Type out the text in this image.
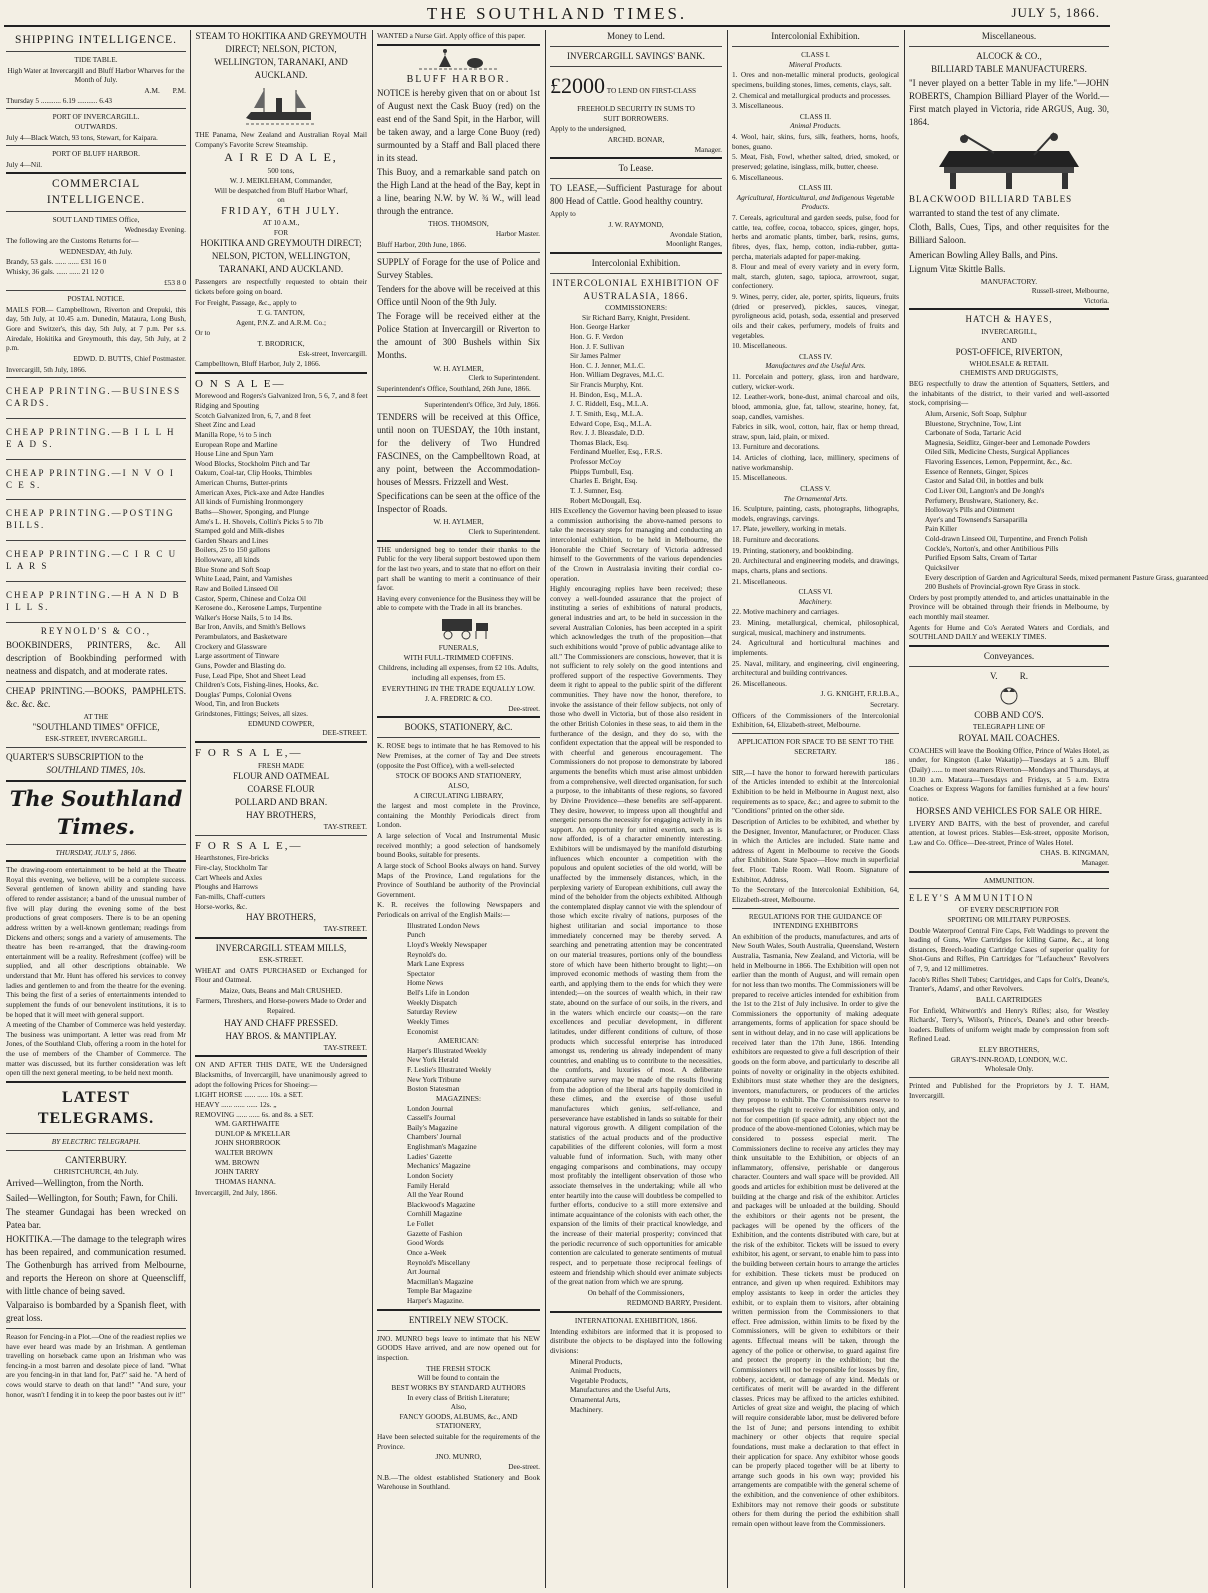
THE SOUTHLAND TIMES.	JULY 5, 1866.
SHIPPING INTELLIGENCE.
TIDE TABLE.

High Water at Invercargill and Bluff Harbor Wharves for the Month of July.

A.M. P.M.

Thursday 5 ........... 6.19 ........... 6.43

PORT OF INVERCARGILL.
OUTWARDS.

July 4—Black Watch, 93 tons, Stewart, for Kaipara.

PORT OF BLUFF HARBOR.

July 4—Nil.

COMMERCIAL INTELLIGENCE.

SOUT LAND TIMES Office,

Wednesday Evening.

The following are the Customs Returns for—

WEDNESDAY, 4th July.

Brandy, 53 gals. ...... ...... £31 16 0

Whisky, 36 gals. ...... ...... 21 12 0

£53 8 0

POSTAL NOTICE.

MAILS FOR— Campbelltown, Riverton and Orepuki, this day, 5th July, at 10.45 a.m. Dunedin, Mataura, Long Bush, Gore and Switzer's, this day, 5th July, at 7 p.m. Per s.s. Airedale, Hokitika and Greymouth, this day, 5th July, at 2 p.m.

EDWD. D. BUTTS, Chief Postmaster.

Invercargill, 5th July, 1866.

CHEAP PRINTING.—BUSINESS CARDS.
CHEAP PRINTING.—B I L L H E A D S.
CHEAP PRINTING.—I N V O I C E S.
CHEAP PRINTING.—POSTING BILLS.
CHEAP PRINTING.—C I R C U L A R S
CHEAP PRINTING.—H A N D B I L L S.
REYNOLD'S & CO.,

BOOKBINDERS, PRINTERS, &c. All description of Bookbinding performed with neatness and dispatch, and at moderate rates.

CHEAP PRINTING.—BOOKS, PAMPHLETS. &c. &c. &c.

AT THE
"SOUTHLAND TIMES" OFFICE,
ESK-STREET, INVERCARGILL.
QUARTER'S SUBSCRIPTION to the
SOUTHLAND TIMES, 10s.
The Southland Times.
THURSDAY, JULY 5, 1866.

The drawing-room entertainment to be held at the Theatre Royal this evening, we believe, will be a complete success. Several gentlemen of known ability and standing have offered to render assistance; a band of the unusual number of five will play during the evening some of the best productions of great composers. There is to be an opening address written by a well-known gentleman; readings from Dickens and others; songs and a variety of amusements. The theatre has been re-arranged, that the drawing-room entertainment will be a reality. Refreshment (coffee) will be supplied, and all other descriptions obtainable. We understand that Mr. Hunt has offered his services to convey ladies and gentlemen to and from the theatre for the evening. This being the first of a series of entertainments intended to supplement the funds of our benevolent institutions, it is to be hoped that it will meet with general support.

A meeting of the Chamber of Commerce was held yesterday. The business was unimportant. A letter was read from Mr Jones, of the Southland Club, offering a room in the hotel for the use of members of the Chamber of Commerce. The matter was discussed, but its further consideration was left open till the next general meeting, to be held next month.

LATEST TELEGRAMS.
BY ELECTRIC TELEGRAPH.
CANTERBURY.
CHRISTCHURCH, 4th July.

Arrived—Wellington, from the North.

Sailed—Wellington, for South; Fawn, for Chili.

The steamer Gundagai has been wrecked on Patea bar.

HOKITIKA.—The damage to the telegraph wires has been repaired, and communication resumed. The Gothenburgh has arrived from Melbourne, and reports the Hereon on shore at Queenscliff, with little chance of being saved.

Valparaiso is bombarded by a Spanish fleet, with great loss.

Reason for Fencing-in a Plot.—One of the readiest replies we have ever heard was made by an Irishman. A gentleman travelling on horseback came upon an Irishman who was fencing-in a most barren and desolate piece of land. "What are you fencing-in in that land for, Pat?" said he. "A herd of cows would starve to death on that land!" "And sure, your honor, wasn't I fending it in to keep the poor bastes out iv it!"

STEAM TO HOKITIKA AND GREYMOUTH DIRECT; NELSON, PICTON, WELLINGTON, TARANAKI, AND AUCKLAND.

THE Panama, New Zealand and Australian Royal Mail Company's Favorite Screw Steamship.

A I R E D A L E,
500 tons,
W. J. MEIKLEHAM, Commander,
Will be despatched from Bluff Harbor Wharf,
on
FRIDAY, 6TH JULY.
AT 10 A.M.,
FOR
HOKITIKA AND GREYMOUTH DIRECT; NELSON, PICTON, WELLINGTON, TARANAKI, AND AUCKLAND.

Passengers are respectfully requested to obtain their tickets before going on board.

For Freight, Passage, &c., apply to

T. G. TANTON,
Agent, P.N.Z. and A.R.M. Co.;

Or to

T. BRODRICK,
Esk-street, Invercargill.

Campbelltown, Bluff Harbor, July 2, 1866.

O N S A L E—

Morewood and Rogers's Galvanized Iron, 5 6, 7, and 8 feet

Ridging and Spouting

Scotch Galvanized Iron, 6, 7, and 8 feet

Sheet Zinc and Lead

Manilla Rope, ½ to 5 inch

European Rope and Marline

House Line and Spun Yarn

Wood Blocks, Stockholm Pitch and Tar

Oakum, Coal-tar, Clip Hooks, Thimbles

American Churns, Butter-prints

American Axes, Pick-axe and Adze Handles

All kinds of Furnishing Ironmongery

Baths—Shower, Sponging, and Plunge

Ame's L. H. Shovels, Collin's Picks 5 to 7lb

Stamped gold and Milk-dishes

Garden Shears and Lines

Boilers, 25 to 150 gallons

Hollowware, all kinds

Blue Stone and Soft Soap

White Lead, Paint, and Varnishes

Raw and Boiled Linseed Oil

Castor, Sperm, Chinese and Colza Oil

Kerosene do., Kerosene Lamps, Turpentine

Walker's Horse Nails, 5 to 14 lbs.

Bar Iron, Anvils, and Smith's Bellows

Perambulators, and Basketware

Crockery and Glassware

Large assortment of Tinware

Guns, Powder and Blasting do.

Fuse, Lead Pipe, Shot and Sheet Lead

Children's Cots, Fishing-lines, Hooks, &c.

Douglas' Pumps, Colonial Ovens

Wood, Tin, and Iron Buckets

Grindstones, Fittings; Seives, all sizes.

EDMUND COWPER,
DEE-STREET.
F O R S A L E,—
FRESH MADE
FLOUR AND OATMEAL
COARSE FLOUR
POLLARD AND BRAN.
HAY BROTHERS,
TAY-STREET.
F O R S A L E,—

Hearthstones, Fire-bricks

Fire-clay, Stockholm Tar

Cart Wheels and Axles

Ploughs and Harrows

Fan-mills, Chaff-cutters

Horse-works, &c.

HAY BROTHERS,
TAY-STREET.
INVERCARGILL STEAM MILLS,
ESK-STREET.

WHEAT and OATS PURCHASED or Exchanged for Flour and Oatmeal.

Maize, Oats, Beans and Malt CRUSHED.

Farmers, Threshers, and Horse-powers Made to Order and Repaired.

HAY AND CHAFF PRESSED.
HAY BROS. & MANTIPLAY.
TAY-STREET.

ON AND AFTER THIS DATE, WE the Undersigned Blacksmiths, of Invercargill, have unanimously agreed to adopt the following Prices for Shoeing:—

LIGHT HORSE ...... ...... 10s. a SET.

HEAVY ...... ...... ...... 12s. „

REMOVING ...... ...... 6s. and 8s. a SET.

WM. GARTHWAITE

DUNLOP & M'KELLAR

JOHN SHORBROOK

WALTER BROWN

WM. BROWN

JOHN TARRY

THOMAS HANNA.

Invercargill, 2nd July, 1866.

WANTED a Nurse Girl. Apply office of this paper.

BLUFF HARBOR.

NOTICE is hereby given that on or about 1st of August next the Cask Buoy (red) on the east end of the Sand Spit, in the Harbor, will be taken away, and a large Cone Buoy (red) surmounted by a Staff and Ball placed there in its stead.

This Buoy, and a remarkable sand patch on the High Land at the head of the Bay, kept in a line, bearing N.W. by W. ¾ W., will lead through the entrance.

THOS. THOMSON,
Harbor Master.

Bluff Harbor, 20th June, 1866.

SUPPLY of Forage for the use of Police and Survey Stables.

Tenders for the above will be received at this Office until Noon of the 9th July.

The Forage will be received either at the Police Station at Invercargill or Riverton to the amount of 300 Bushels within Six Months.

W. H. AYLMER,
Clerk to Superintendent.

Superintendent's Office, Southland, 26th June, 1866.

Superintendent's Office, 3rd July, 1866.

TENDERS will be received at this Office, until noon on TUESDAY, the 10th instant, for the delivery of Two Hundred FASCINES, on the Campbelltown Road, at any point, between the Accommodation-houses of Messrs. Frizzell and West.

Specifications can be seen at the office of the Inspector of Roads.

W. H. AYLMER,
Clerk to Superintendent.

THE undersigned beg to tender their thanks to the Public for the very liberal support bestowed upon them for the last two years, and to state that no effort on their part shall be wanting to merit a continuance of their favor.

Having every convenience for the Business they will be able to compete with the Trade in all its branches.

FUNERALS,
WITH FULL-TRIMMED COFFINS.

Childrens, including all expenses, from £2 10s. Adults, including all expenses, from £5.

EVERYTHING IN THE TRADE EQUALLY LOW.

J. A. FREDRIC & CO.
Dee-street.
BOOKS, STATIONERY, &C.

K. ROSE begs to intimate that he has Removed to his New Premises, at the corner of Tay and Dee streets (opposite the Post Office), with a well-selected

STOCK OF BOOKS AND STATIONERY,
ALSO,
A CIRCULATING LIBRARY,

the largest and most complete in the Province, containing the Monthly Periodicals direct from London.

A large selection of Vocal and Instrumental Music received monthly; a good selection of handsomely bound Books, suitable for presents.

A large stock of School Books always on hand. Survey Maps of the Province, Land regulations for the Province of Southland be authority of the Provincial Government.

K. R. receives the following Newspapers and Periodicals on arrival of the English Mails:—

Illustrated London News

Punch

Lloyd's Weekly Newspaper

Reynold's do.

Mark Lane Express

Spectator

Home News

Bell's Life in London

Weekly Dispatch

Saturday Review

Weekly Times

Economist

AMERICAN:

Harper's Illustrated Weekly

New York Herald

F. Leslie's Illustrated Weekly

New York Tribune

Boston Statesman

MAGAZINES:

London Journal

Cassell's Journal

Baily's Magazine

Chambers' Journal

Englishman's Magazine

Ladies' Gazette

Mechanics' Magazine

London Society

Family Herald

All the Year Round

Blackwood's Magazine

Cornhill Magazine

Le Follet

Gazette of Fashion

Good Words

Once a-Week

Reynold's Miscellany

Art Journal

Macmillan's Magazine

Temple Bar Magazine

Harper's Magazine.

ENTIRELY NEW STOCK.

JNO. MUNRO begs leave to intimate that his NEW GOODS Have arrived, and are now opened out for inspection.

THE FRESH STOCK
Will be found to contain the
BEST WORKS BY STANDARD AUTHORS
In every class of British Literature;
Also,
FANCY GOODS, ALBUMS, &c., AND STATIONERY,

Have been selected suitable for the requirements of the Province.

JNO. MUNRO,
Dee-street.

N.B.—The oldest established Stationery and Book Warehouse in Southland.

Money to Lend.
INVERCARGILL SAVINGS' BANK.
£2000 TO LEND ON FIRST-CLASS
FREEHOLD SECURITY IN SUMS TO
SUIT BORROWERS.

Apply to the undersigned,

ARCHD. BONAR,
Manager.
To Lease.

TO LEASE,—Sufficient Pasturage for about 800 Head of Cattle. Good healthy country.

Apply to

J. W. RAYMOND,
Avondale Station,
Moonlight Ranges,
Intercolonial Exhibition.
INTERCOLONIAL EXHIBITION OF AUSTRALASIA, 1866.
COMMISSIONERS:
Sir Richard Barry, Knight, President.

Hon. George Harker

Hon. G. F. Verdon

Hon. J. F. Sullivan

Sir James Palmer

Hon. C. J. Jenner, M.L.C.

Hon. William Degraves, M.L.C.

Sir Francis Murphy, Knt.

H. Bindon, Esq., M.L.A.

J. C. Riddell, Esq., M.L.A.

J. T. Smith, Esq., M.L.A.

Edward Cope, Esq., M.L.A.

Rev. J. J. Bleasdale, D.D.

Thomas Black, Esq.

Ferdinand Mueller, Esq., F.R.S.

Professor McCoy

Phipps Turnbull, Esq.

Charles E. Bright, Esq.

T. J. Sumner, Esq.

Robert McDougall, Esq.

HIS Excellency the Governor having been pleased to issue a commission authorising the above-named persons to take the necessary steps for managing and conducting an intercolonial exhibition, to be held in Melbourne, the Honorable the Chief Secretary of Victoria addressed himself to the Governments of the various dependencies of the Crown in Australasia inviting their cordial co-operation.

Highly encouraging replies have been received; these convey a well-founded assurance that the project of instituting a series of exhibitions of natural products, general industries and art, to be held in succession in the several Australian Colonies, has been accepted in a spirit which acknowledges the truth of the proposition—that such exhibitions would "prove of public advantage alike to all." The Commissioners are conscious, however, that it is not sufficient to rely solely on the good intentions and proffered support of the respective Governments. They deem it right to appeal to the public spirit of the different communities. They have now the honor, therefore, to invoke the assistance of their fellow subjects, not only of those who dwell in Victoria, but of those also resident in the other British Colonies in these seas, to aid them in the furtherance of the design, and they do so, with the confident expectation that the appeal will be responded to with cheerful and generous encouragement. The Commissioners do not propose to demonstrate by labored arguments the benefits which must arise almost unbidden from a comprehensive, well directed organisation, for such a purpose, to the inhabitants of these regions, so favored by Divine Providence—these benefits are self-apparent. They desire, however, to impress upon all thoughtful and energetic persons the necessity for engaging actively in its support. An opportunity for united exertion, such as is now afforded, is of a character eminently interesting. Exhibitors will be undismayed by the manifold disturbing influences which encounter a competition with the populous and opulent societies of the old world, will be unaffected by the immensely distances, which, in the perplexing variety of European exhibitions, cull away the mind of the beholder from the objects exhibited. Although the contemplated display cannot vie with the splendour of those which excite rivalry of nations, purposes of the highest utilitarian and social importance to those immediately concerned may be thereby served. A searching and penetrating attention may be concentrated on our material treasures, portions only of the boundless store of which have been hitherto brought to light;—on improved economic methods of wasting them from the earth, and applying them to the ends for which they were intended;—on the sources of wealth which, in their raw state, abound on the surface of our soils, in the rivers, and in the waters which encircle our coasts;—on the rare excellences and peculiar development, in different latitudes, under different conditions of culture, of those products which successful enterprise has introduced amongst us, rendering us already independent of many countries, and enabling us to contribute to the necessities, the comforts, and luxuries of most. A deliberate comparative survey may be made of the results flowing from the adoption of the liberal arts happily domiciled in these climes, and the exercise of those useful manufactures which genius, self-reliance, and perseverance have established in lands so suitable for their natural vigorous growth. A diligent compilation of the statistics of the actual products and of the productive capabilities of the different colonies, will form a most valuable fund of information. Such, with many other engaging comparisons and combinations, may occupy most profitably the intelligent observation of those who associate themselves in the undertaking; while all who enter heartily into the cause will doubtless be compelled to further efforts, conducive to a still more extensive and intimate acquaintance of the colonists with each other, the expansion of the limits of their practical knowledge, and the increase of their material prosperity; convinced that the periodic recurrence of such opportunities for amicable contention are calculated to generate sentiments of mutual respect, and to perpetuate those reciprocal feelings of esteem and friendship which should ever animate subjects of the great nation from which we are sprung.

On behalf of the Commissioners,

REDMOND BARRY, President.

INTERNATIONAL EXHIBITION, 1866.

Intending exhibitors are informed that it is proposed to distribute the objects to be displayed into the following divisions:

Mineral Products,

Animal Products,

Vegetable Products,

Manufactures and the Useful Arts,

Ornamental Arts,

Machinery.

Intercolonial Exhibition.
CLASS I.
Mineral Products.

1. Ores and non-metallic mineral products, geological specimens, building stones, limes, cements, clays, salt.

2. Chemical and metallurgical products and processes.

3. Miscellaneous.

CLASS II.
Animal Products.

4. Wool, hair, skins, furs, silk, feathers, horns, hoofs, bones, guano.

5. Meat, Fish, Fowl, whether salted, dried, smoked, or preserved; gelatine, isinglass, milk, butter, cheese.

6. Miscellaneous.

CLASS III.
Agricultural, Horticultural, and Indigenous Vegetable Products.

7. Cereals, agricultural and garden seeds, pulse, food for cattle, tea, coffee, cocoa, tobacco, spices, ginger, hops, herbs and aromatic plants, timber, bark, resins, gums, fibres, dyes, flax, hemp, cotton, india-rubber, gutta-percha, materials adapted for paper-making.

8. Flour and meal of every variety and in every form, malt, starch, gluten, sago, tapioca, arrowroot, sugar, confectionery.

9. Wines, perry, cider, ale, porter, spirits, liqueurs, fruits (dried or preserved), pickles, sauces, vinegar, pyroligneous acid, potash, soda, essential and preserved oils and their cakes, perfumery, models of fruits and vegetables.

10. Miscellaneous.

CLASS IV.
Manufactures and the Useful Arts.

11. Porcelain and pottery, glass, iron and hardware, cutlery, wicker-work.

12. Leather-work, bone-dust, animal charcoal and oils, blood, ammonia, glue, fat, tallow, stearine, honey, fat, soap, candles, varnishes.

Fabrics in silk, wool, cotton, hair, flax or hemp thread, straw, spun, laid, plain, or mixed.

13. Furniture and decorations.

14. Articles of clothing, lace, millinery, specimens of native workmanship.

15. Miscellaneous.

CLASS V.
The Ornamental Arts.

16. Sculpture, painting, casts, photographs, lithographs, models, engravings, carvings.

17. Plate, jewellery, working in metals.

18. Furniture and decorations.

19. Printing, stationery, and bookbinding.

20. Architectural and engineering models, and drawings, maps, charts, plans and sections.

21. Miscellaneous.

CLASS VI.
Machinery.

22. Motive machinery and carriages.

23. Mining, metallurgical, chemical, philosophical, surgical, musical, machinery and instruments.

24. Agricultural and horticultural machines and implements.

25. Naval, military, and engineering, civil engineering, architectural and building contrivances.

26. Miscellaneous.

J. G. KNIGHT, F.R.I.B.A.,

Secretary.

Officers of the Commissioners of the Intercolonial Exhibition, 64, Elizabeth-street, Melbourne.

APPLICATION FOR SPACE TO BE SENT TO THE SECRETARY.

186 .

SIR,—I have the honor to forward herewith particulars of the Articles intended to exhibit at the Intercolonial Exhibition to be held in Melbourne in August next, also requirements as to space, &c.; and agree to submit to the "Conditions" printed on the other side.

Description of Articles to be exhibited, and whether by the Designer, Inventor, Manufacturer, or Producer. Class in which the Articles are included. State name and address of Agent in Melbourne to receive the Goods after Exhibition. State Space—How much in superficial feet. Floor. Table Room. Wall Room. Signature of Exhibitor, Address,

To the Secretary of the Intercolonial Exhibition, 64, Elizabeth-street, Melbourne.

REGULATIONS FOR THE GUIDANCE OF INTENDING EXHIBITORS

An exhibition of the products, manufactures, and arts of New South Wales, South Australia, Queensland, Western Australia, Tasmania, New Zealand, and Victoria, will be held in Melbourne in 1866. The Exhibition will open not earlier than the month of August, and will remain open for not less than two months. The Commissioners will be prepared to receive articles intended for exhibition from the 1st to the 21st of July inclusive. In order to give the Commissioners the opportunity of making adequate arrangements, forms of application for space should be sent in without delay, and in no case will applications be received later than the 17th June, 1866. Intending exhibitors are requested to give a full description of their goods on the form above, and particularly to describe all points of novelty or originality in the objects exhibited. Exhibitors must state whether they are the designers, inventors, manufacturers, or producers of the articles they propose to exhibit. The Commissioners reserve to themselves the right to receive for exhibition only, and not for competition (if space admit), any object not the produce of the above-mentioned Colonies, which may be considered to possess especial merit. The Commissioners decline to receive any articles they may think unsuitable to the Exhibition, or objects of an inflammatory, offensive, perishable or dangerous character. Counters and wall space will be provided. All goods and articles for exhibition must be delivered at the building at the charge and risk of the exhibitor. Articles and packages will be unloaded at the building. Should the exhibitors or their agents not be present, the packages will be opened by the officers of the Exhibition, and the contents distributed with care, but at the risk of the exhibitor. Tickets will be issued to every exhibitor, his agent, or servant, to enable him to pass into the building between certain hours to arrange the articles for exhibition. These tickets must be produced on entrance, and given up when required. Exhibitors may employ assistants to keep in order the articles they exhibit, or to explain them to visitors, after obtaining written permission from the Commissioners to that effect. Free admission, within limits to be fixed by the Commissioners, will be given to exhibitors or their agents. Effectual means will be taken, through the agency of the police or otherwise, to guard against fire and protect the property in the exhibition; but the Commissioners will not be responsible for losses by fire, robbery, accident, or damage of any kind. Medals or certificates of merit will be awarded in the different classes. Prices may be affixed to the articles exhibited. Articles of great size and weight, the placing of which will require considerable labor, must be delivered before the 1st of June; and persons intending to exhibit machinery or other objects that require special foundations, must make a declaration to that effect in their application for space. Any exhibitor whose goods can be properly placed together will be at liberty to arrange such goods in his own way; provided his arrangements are compatible with the general scheme of the exhibition, and the convenience of other exhibitors. Exhibitors may not remove their goods or substitute others for them during the period the exhibition shall remain open without leave from the Commissioners.

Miscellaneous.
ALCOCK & CO.,
BILLIARD TABLE MANUFACTURERS.

"I never played on a better Table in my life."—JOHN ROBERTS, Champion Billiard Player of the World.—First match played in Victoria, ride ARGUS, Aug. 30, 1864.

BLACKWOOD BILLIARD TABLES

warranted to stand the test of any climate.

Cloth, Balls, Cues, Tips, and other requisites for the Billiard Saloon.

American Bowling Alley Balls, and Pins.

Lignum Vitæ Skittle Balls.

MANUFACTORY.
Russell-street, Melbourne,
Victoria.
HATCH & HAYES,
INVERCARGILL,
AND
POST-OFFICE, RIVERTON,
WHOLESALE & RETAIL
CHEMISTS AND DRUGGISTS,

BEG respectfully to draw the attention of Squatters, Settlers, and the inhabitants of the district, to their varied and well-assorted stock, comprising—

Alum, Arsenic, Soft Soap, Sulphur

Bluestone, Strychnine, Tow, Lint

Carbonate of Soda, Tartaric Acid

Magnesia, Seidlitz, Ginger-beer and Lemonade Powders

Oiled Silk, Medicine Chests, Surgical Appliances

Flavoring Essences, Lemon, Peppermint, &c., &c.

Essence of Rennets, Ginger, Spices

Castor and Salad Oil, in bottles and bulk

Cod Liver Oil, Langton's and De Jongh's

Perfumery, Brushware, Stationery, &c.

Holloway's Pills and Ointment

Ayer's and Townsend's Sarsaparilla

Pain Killer

Cold-drawn Linseed Oil, Turpentine, and French Polish

Cockle's, Norton's, and other Antibilious Pills

Purified Epsom Salts, Cream of Tartar

Quicksilver

Every description of Garden and Agricultural Seeds, mixed permanent Pasture Grass, guaranteed

200 Bushels of Provincial-grown Rye Grass in stock.

Orders by post promptly attended to, and articles unattainable in the Province will be obtained through their friends in Melbourne, by each monthly mail steamer.

Agents for Hume and Co's Aerated Waters and Cordials, and SOUTHLAND DAILY and WEEKLY TIMES.

Conveyances.
V. R.
COBB AND CO'S.
TELEGRAPH LINE OF
ROYAL MAIL COACHES.

COACHES will leave the Booking Office, Prince of Wales Hotel, as under, for Kingston (Lake Wakatip)—Tuesdays at 5 a.m. Bluff (Daily) ...... to meet steamers Riverton—Mondays and Thursdays, at 10.30 a.m. Mataura—Tuesdays and Fridays, at 5 a.m. Extra Coaches or Express Wagons for families furnished at a few hours' notice.

HORSES AND VEHICLES FOR SALE OR HIRE.

LIVERY AND BAITS, with the best of provender, and careful attention, at lowest prices. Stables—Esk-street, opposite Morison, Law and Co. Office—Dee-street, Prince of Wales Hotel.

CHAS. B. KINGMAN,
Manager.
AMMUNITION.
ELEY'S AMMUNITION
OF EVERY DESCRIPTION FOR
SPORTING OR MILITARY PURPOSES.

Double Waterproof Central Fire Caps, Felt Waddings to prevent the leading of Guns, Wire Cartridges for killing Game, &c., at long distances, Breech-loading Cartridge Cases of superior quality for Shot-Guns and Rifles, Pin Cartridges for "Lefaucheux" Revolvers of 7, 9, and 12 millimetres.

Jacob's Rifles Shell Tubes; Cartridges, and Caps for Colt's, Deane's, Tranter's, Adams', and other Revolvers.

BALL CARTRIDGES

For Enfield, Whitworth's and Henry's Rifles; also, for Westley Richards', Terry's, Wilson's, Prince's, Deane's and other breech-loaders. Bullets of uniform weight made by compression from soft Refined Lead.

ELEY BROTHERS,
GRAY'S-INN-ROAD, LONDON, W.C.
Wholesale Only.

Printed and Published for the Proprietors by J. T. HAM, Invercargill.
